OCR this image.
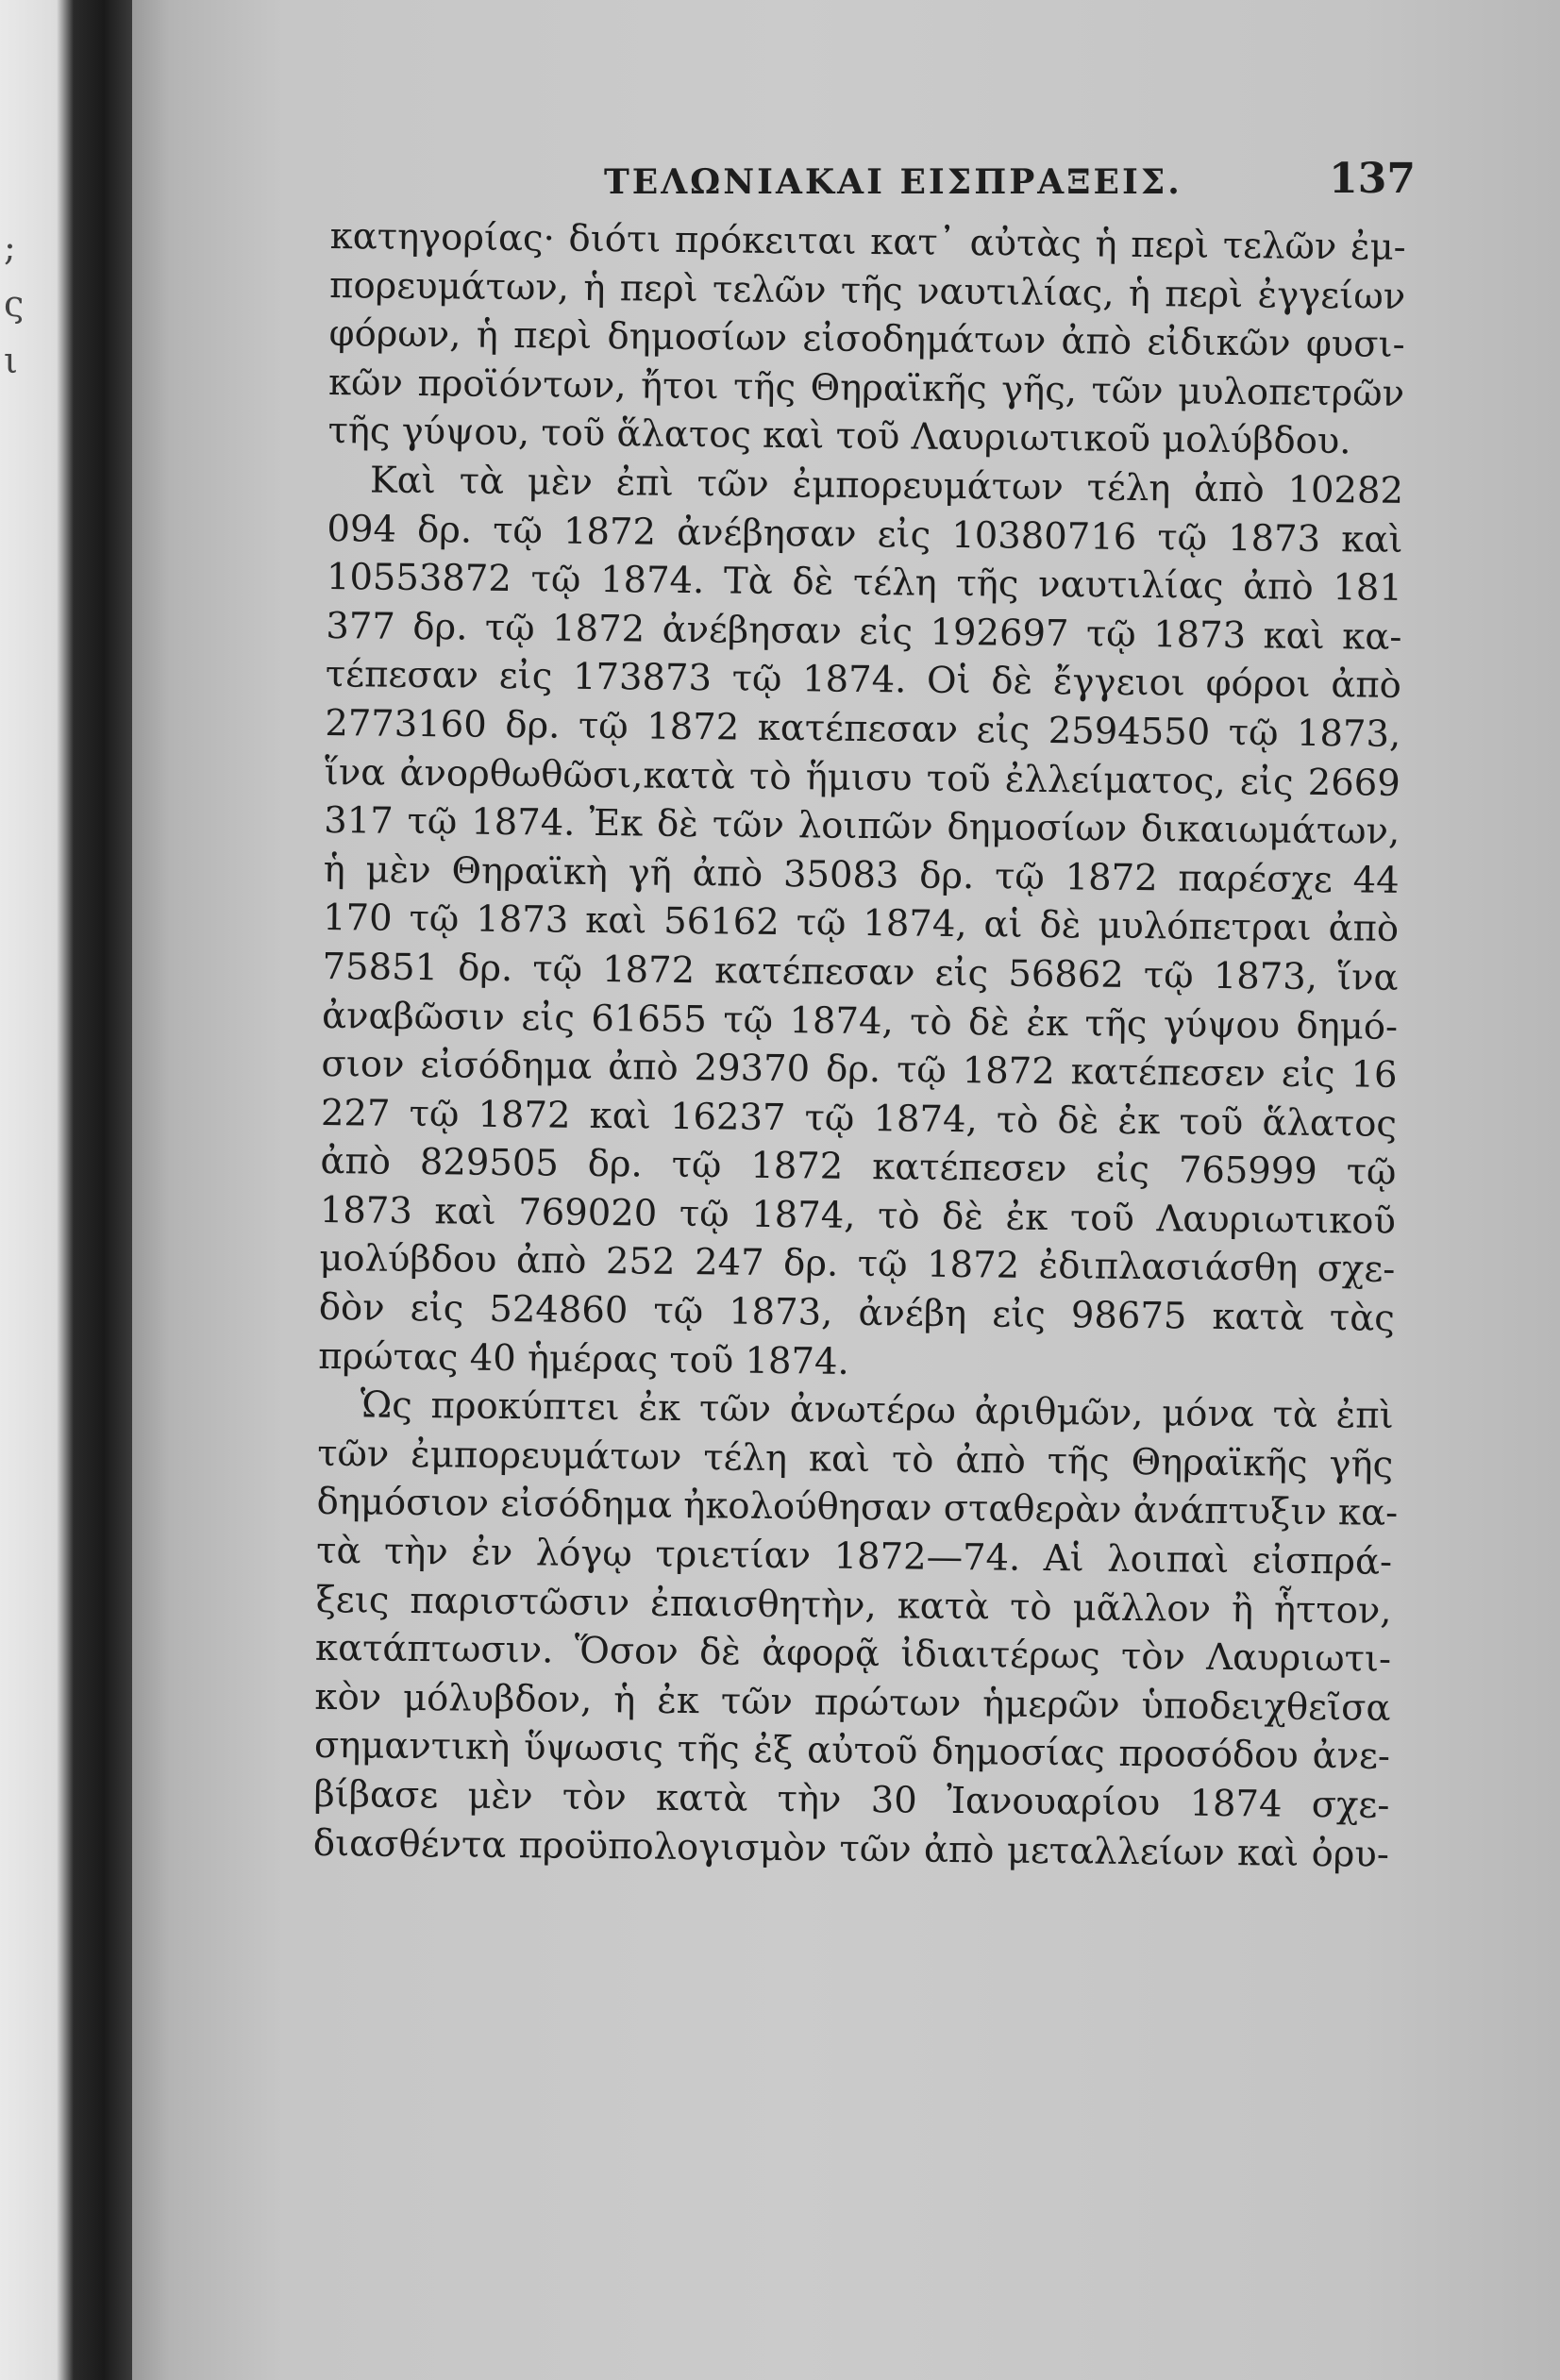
;
ς
ι
ΤΕΛΩΝΙΑΚΑΙ ΕΙΣΠΡΑΞΕΙΣ.	137
κατηγορίας· διότι πρόκειται κατ᾽ αὐτὰς ἡ περὶ τελῶν ἐμ-
πορευμάτων, ἡ περὶ τελῶν τῆς ναυτιλίας, ἡ περὶ ἐγγείων
φόρων, ἡ περὶ δημοσίων εἰσοδημάτων ἀπὸ εἰδικῶν φυσι-
κῶν προϊόντων, ἤτοι τῆς Θηραϊκῆς γῆς, τῶν μυλοπετρῶν
τῆς γύψου, τοῦ ἅλατος καὶ τοῦ Λαυριωτικοῦ μολύβδου.
Καὶ τὰ μὲν ἐπὶ τῶν ἐμπορευμάτων τέλη ἀπὸ 10282
094 δρ. τῷ 1872 ἀνέβησαν εἰς 10380716 τῷ 1873 καὶ
10553872 τῷ 1874. Τὰ δὲ τέλη τῆς ναυτιλίας ἀπὸ 181
377 δρ. τῷ 1872 ἀνέβησαν εἰς 192697 τῷ 1873 καὶ κα-
τέπεσαν εἰς 173873 τῷ 1874. Οἱ δὲ ἔγγειοι φόροι ἀπὸ
2773160 δρ. τῷ 1872 κατέπεσαν εἰς 2594550 τῷ 1873,
ἵνα ἀνορθωθῶσι,κατὰ τὸ ἥμισυ τοῦ ἐλλείματος, εἰς 2669
317 τῷ 1874. Ἐκ δὲ τῶν λοιπῶν δημοσίων δικαιωμάτων,
ἡ μὲν Θηραϊκὴ γῆ ἀπὸ 35083 δρ. τῷ 1872 παρέσχε 44
170 τῷ 1873 καὶ 56162 τῷ 1874, αἱ δὲ μυλόπετραι ἀπὸ
75851 δρ. τῷ 1872 κατέπεσαν εἰς 56862 τῷ 1873, ἵνα
ἀναβῶσιν εἰς 61655 τῷ 1874, τὸ δὲ ἐκ τῆς γύψου δημό-
σιον εἰσόδημα ἀπὸ 29370 δρ. τῷ 1872 κατέπεσεν εἰς 16
227 τῷ 1872 καὶ 16237 τῷ 1874, τὸ δὲ ἐκ τοῦ ἅλατος
ἀπὸ 829505 δρ. τῷ 1872 κατέπεσεν εἰς 765999 τῷ
1873 καὶ 769020 τῷ 1874, τὸ δὲ ἐκ τοῦ Λαυριωτικοῦ
μολύβδου ἀπὸ 252 247 δρ. τῷ 1872 ἐδιπλασιάσθη σχε-
δὸν εἰς 524860 τῷ 1873, ἀνέβη εἰς 98675 κατὰ τὰς
πρώτας 40 ἡμέρας τοῦ 1874.
Ὡς προκύπτει ἐκ τῶν ἀνωτέρω ἀριθμῶν, μόνα τὰ ἐπὶ
τῶν ἐμπορευμάτων τέλη καὶ τὸ ἀπὸ τῆς Θηραϊκῆς γῆς
δημόσιον εἰσόδημα ἠκολούθησαν σταθερὰν ἀνάπτυξιν κα-
τὰ τὴν ἐν λόγῳ τριετίαν 1872—74. Αἱ λοιπαὶ εἰσπρά-
ξεις παριστῶσιν ἐπαισθητὴν, κατὰ τὸ μᾶλλον ἢ ἧττον,
κατάπτωσιν. Ὅσον δὲ ἀφορᾷ ἰδιαιτέρως τὸν Λαυριωτι-
κὸν μόλυβδον, ἡ ἐκ τῶν πρώτων ἡμερῶν ὑποδειχθεῖσα
σημαντικὴ ὕψωσις τῆς ἐξ αὐτοῦ δημοσίας προσόδου ἀνε-
βίβασε μὲν τὸν κατὰ τὴν 30 Ἰανουαρίου 1874 σχε-
διασθέντα προϋπολογισμὸν τῶν ἀπὸ μεταλλείων καὶ ὀρυ-
